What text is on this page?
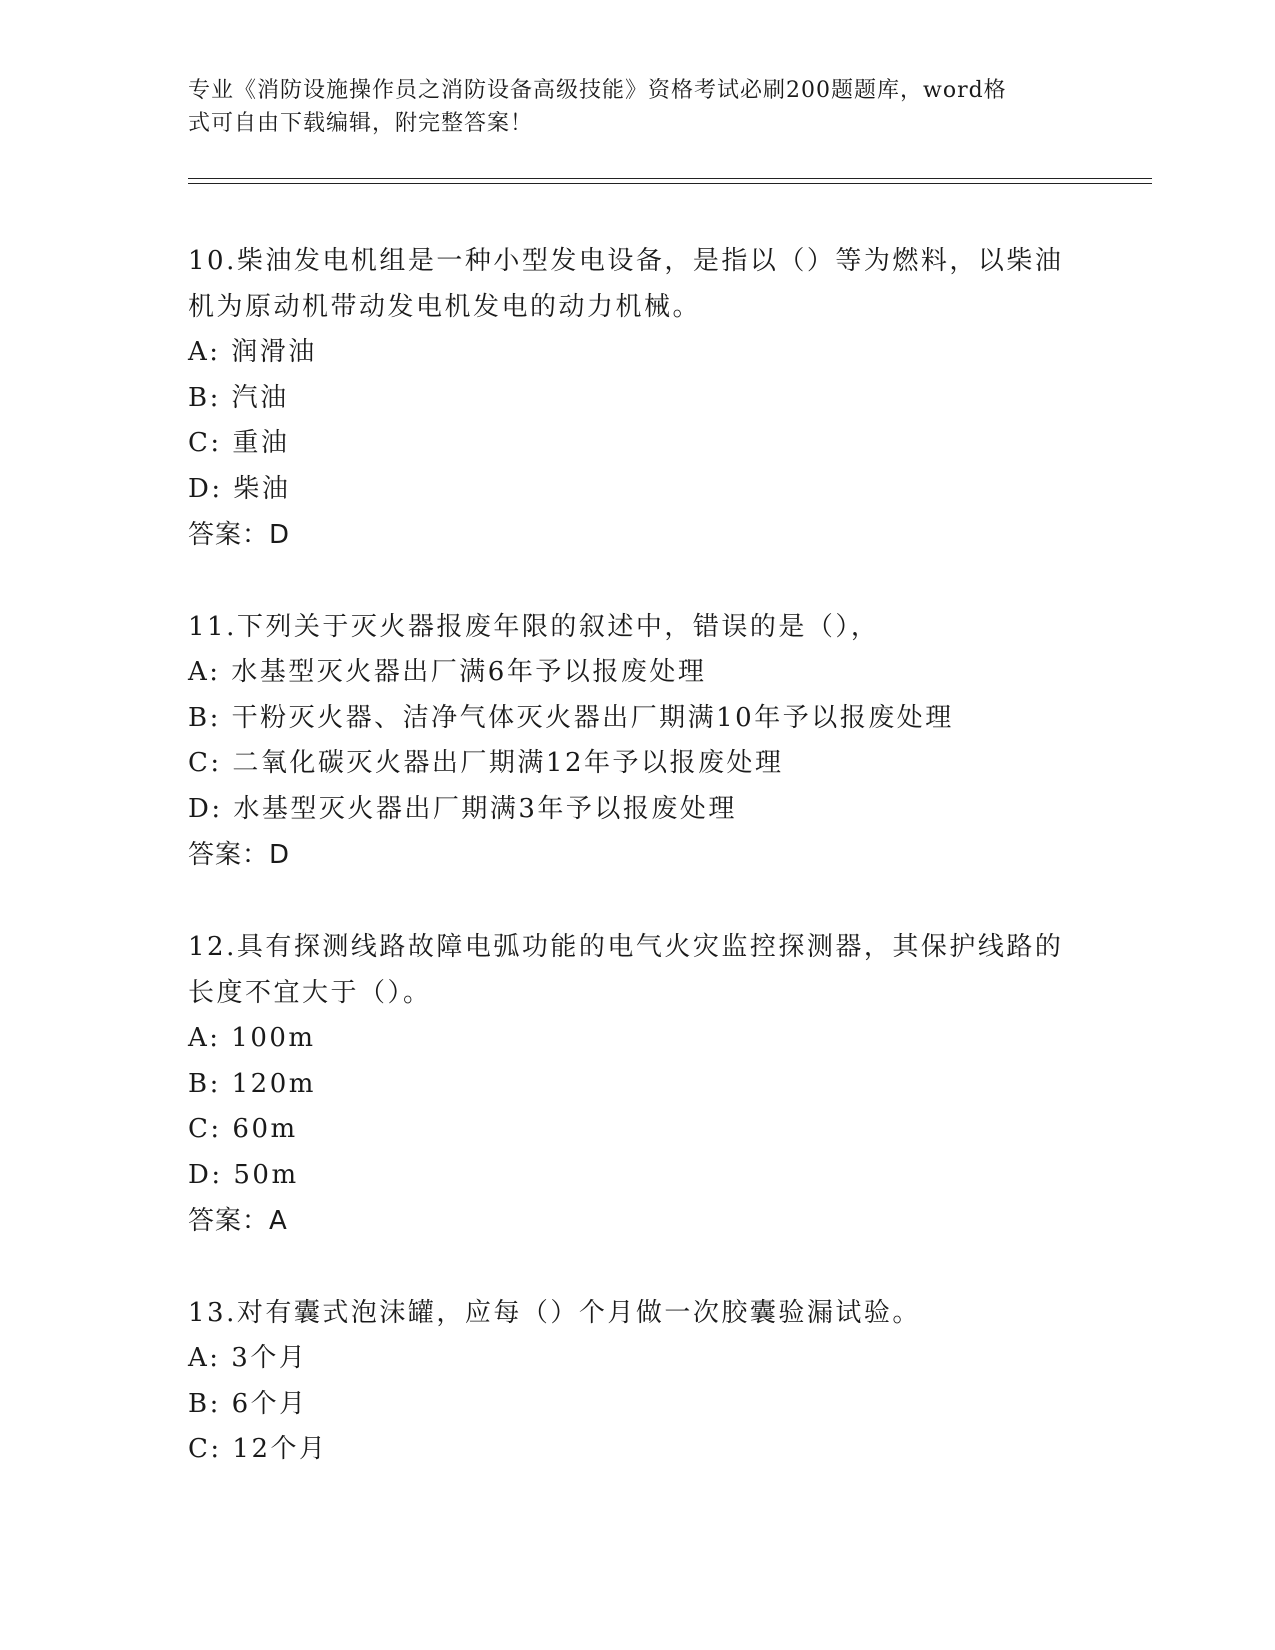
专业《消防设施操作员之消防设备高级技能》资格考试必刷200题题库，word格
式可自由下载编辑，附完整答案！
10.柴油发电机组是一种小型发电设备，是指以（）等为燃料，以柴油
机为原动机带动发电机发电的动力机械。
A: 润滑油
B: 汽油
C: 重油
D: 柴油
答案：D
11.下列关于灭火器报废年限的叙述中，错误的是（），
A: 水基型灭火器出厂满6年予以报废处理
B: 干粉灭火器、洁净气体灭火器出厂期满10年予以报废处理
C: 二氧化碳灭火器出厂期满12年予以报废处理
D: 水基型灭火器出厂期满3年予以报废处理
答案：D
12.具有探测线路故障电弧功能的电气火灾监控探测器，其保护线路的
长度不宜大于（）。
A: 100m
B: 120m
C: 60m
D: 50m
答案：A
13.对有囊式泡沫罐，应每（）个月做一次胶囊验漏试验。
A: 3个月
B: 6个月
C: 12个月
